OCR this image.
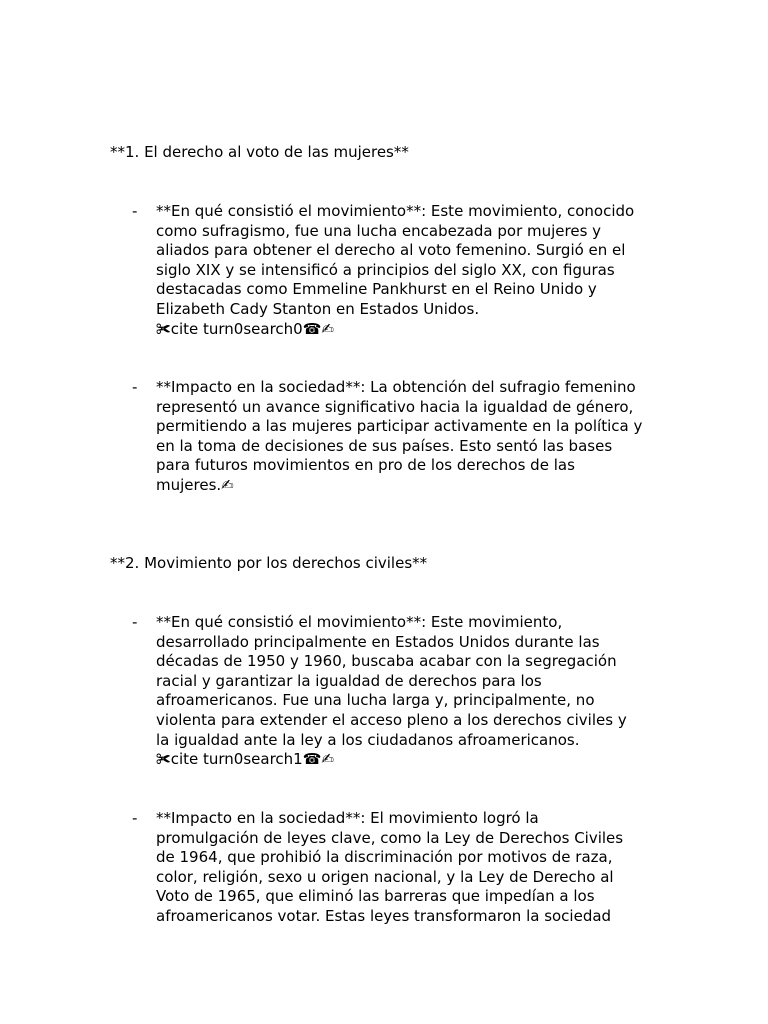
**1. El derecho al voto de las mujeres**
- **En qué consistió el movimiento**: Este movimiento, conocido
como sufragismo, fue una lucha encabezada por mujeres y
aliados para obtener el derecho al voto femenino. Surgió en el
siglo XIX y se intensificó a principios del siglo XX, con figuras
destacadas como Emmeline Pankhurst en el Reino Unido y
Elizabeth Cady Stanton en Estados Unidos.
✀cite turn0search0☎✍

- **Impacto en la sociedad**: La obtención del sufragio femenino
representó un avance significativo hacia la igualdad de género,
permitiendo a las mujeres participar activamente en la política y
en la toma de decisiones de sus países. Esto sentó las bases
para futuros movimientos en pro de los derechos de las
mujeres.✍

**2. Movimiento por los derechos civiles**
- **En qué consistió el movimiento**: Este movimiento,
desarrollado principalmente en Estados Unidos durante las
décadas de 1950 y 1960, buscaba acabar con la segregación
racial y garantizar la igualdad de derechos para los
afroamericanos. Fue una lucha larga y, principalmente, no
violenta para extender el acceso pleno a los derechos civiles y
la igualdad ante la ley a los ciudadanos afroamericanos.
✀cite turn0search1☎✍

- **Impacto en la sociedad**: El movimiento logró la
promulgación de leyes clave, como la Ley de Derechos Civiles
de 1964, que prohibió la discriminación por motivos de raza,
color, religión, sexo u origen nacional, y la Ley de Derecho al
Voto de 1965, que eliminó las barreras que impedían a los
afroamericanos votar. Estas leyes transformaron la sociedad
